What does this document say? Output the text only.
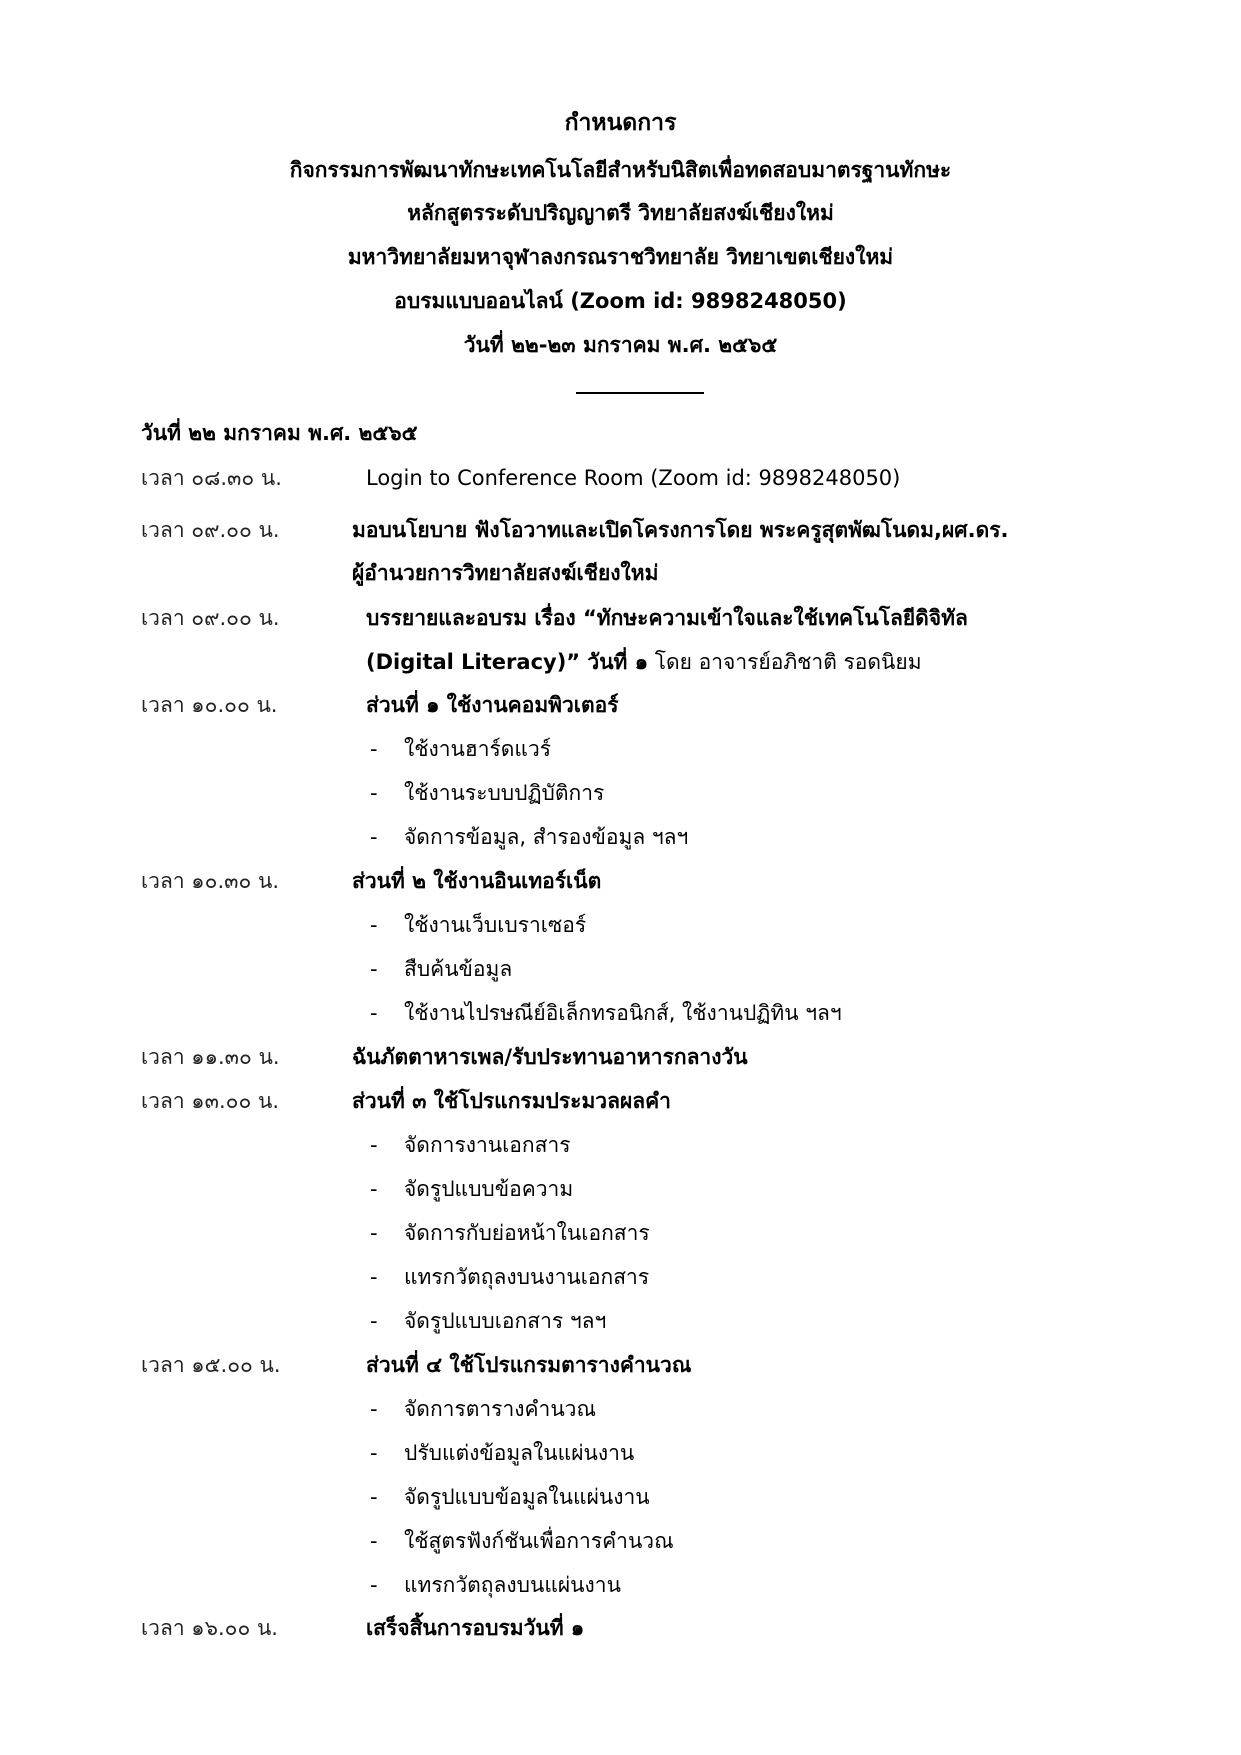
กำหนดการ
กิจกรรมการพัฒนาทักษะเทคโนโลยีสำหรับนิสิตเพื่อทดสอบมาตรฐานทักษะ
หลักสูตรระดับปริญญาตรี วิทยาลัยสงฆ์เชียงใหม่
มหาวิทยาลัยมหาจุฬาลงกรณราชวิทยาลัย วิทยาเขตเชียงใหม่
อบรมแบบออนไลน์ (Zoom id: 9898248050)
วันที่ ๒๒-๒๓ มกราคม พ.ศ. ๒๕๖๕
วันที่ ๒๒ มกราคม พ.ศ. ๒๕๖๕
เวลา ๐๘.๓๐ น.	Login to Conference Room (Zoom id: 9898248050)
เวลา ๐๙.๐๐ น.	มอบนโยบาย ฟังโอวาทและเปิดโครงการโดย พระครูสุตพัฒโนดม,ผศ.ดร.
ผู้อำนวยการวิทยาลัยสงฆ์เชียงใหม่
เวลา ๐๙.๐๐ น.	บรรยายและอบรม เรื่อง “ทักษะความเข้าใจและใช้เทคโนโลยีดิจิทัล
(Digital Literacy)” วันที่ ๑ โดย อาจารย์อภิชาติ รอดนิยม
เวลา ๑๐.๐๐ น.	ส่วนที่ ๑ ใช้งานคอมพิวเตอร์
- ใช้งานฮาร์ดแวร์
- ใช้งานระบบปฏิบัติการ
- จัดการข้อมูล, สำรองข้อมูล ฯลฯ
เวลา ๑๐.๓๐ น.	ส่วนที่ ๒ ใช้งานอินเทอร์เน็ต
- ใช้งานเว็บเบราเซอร์
- สืบค้นข้อมูล
- ใช้งานไปรษณีย์อิเล็กทรอนิกส์, ใช้งานปฏิทิน ฯลฯ
เวลา ๑๑.๓๐ น.	ฉันภัตตาหารเพล/รับประทานอาหารกลางวัน
เวลา ๑๓.๐๐ น.	ส่วนที่ ๓ ใช้โปรแกรมประมวลผลคำ
- จัดการงานเอกสาร
- จัดรูปแบบข้อความ
- จัดการกับย่อหน้าในเอกสาร
- แทรกวัตถุลงบนงานเอกสาร
- จัดรูปแบบเอกสาร ฯลฯ
เวลา ๑๕.๐๐ น.	ส่วนที่ ๔ ใช้โปรแกรมตารางคำนวณ
- จัดการตารางคำนวณ
- ปรับแต่งข้อมูลในแผ่นงาน
- จัดรูปแบบข้อมูลในแผ่นงาน
- ใช้สูตรฟังก์ชันเพื่อการคำนวณ
- แทรกวัตถุลงบนแผ่นงาน
เวลา ๑๖.๐๐ น.	เสร็จสิ้นการอบรมวันที่ ๑
